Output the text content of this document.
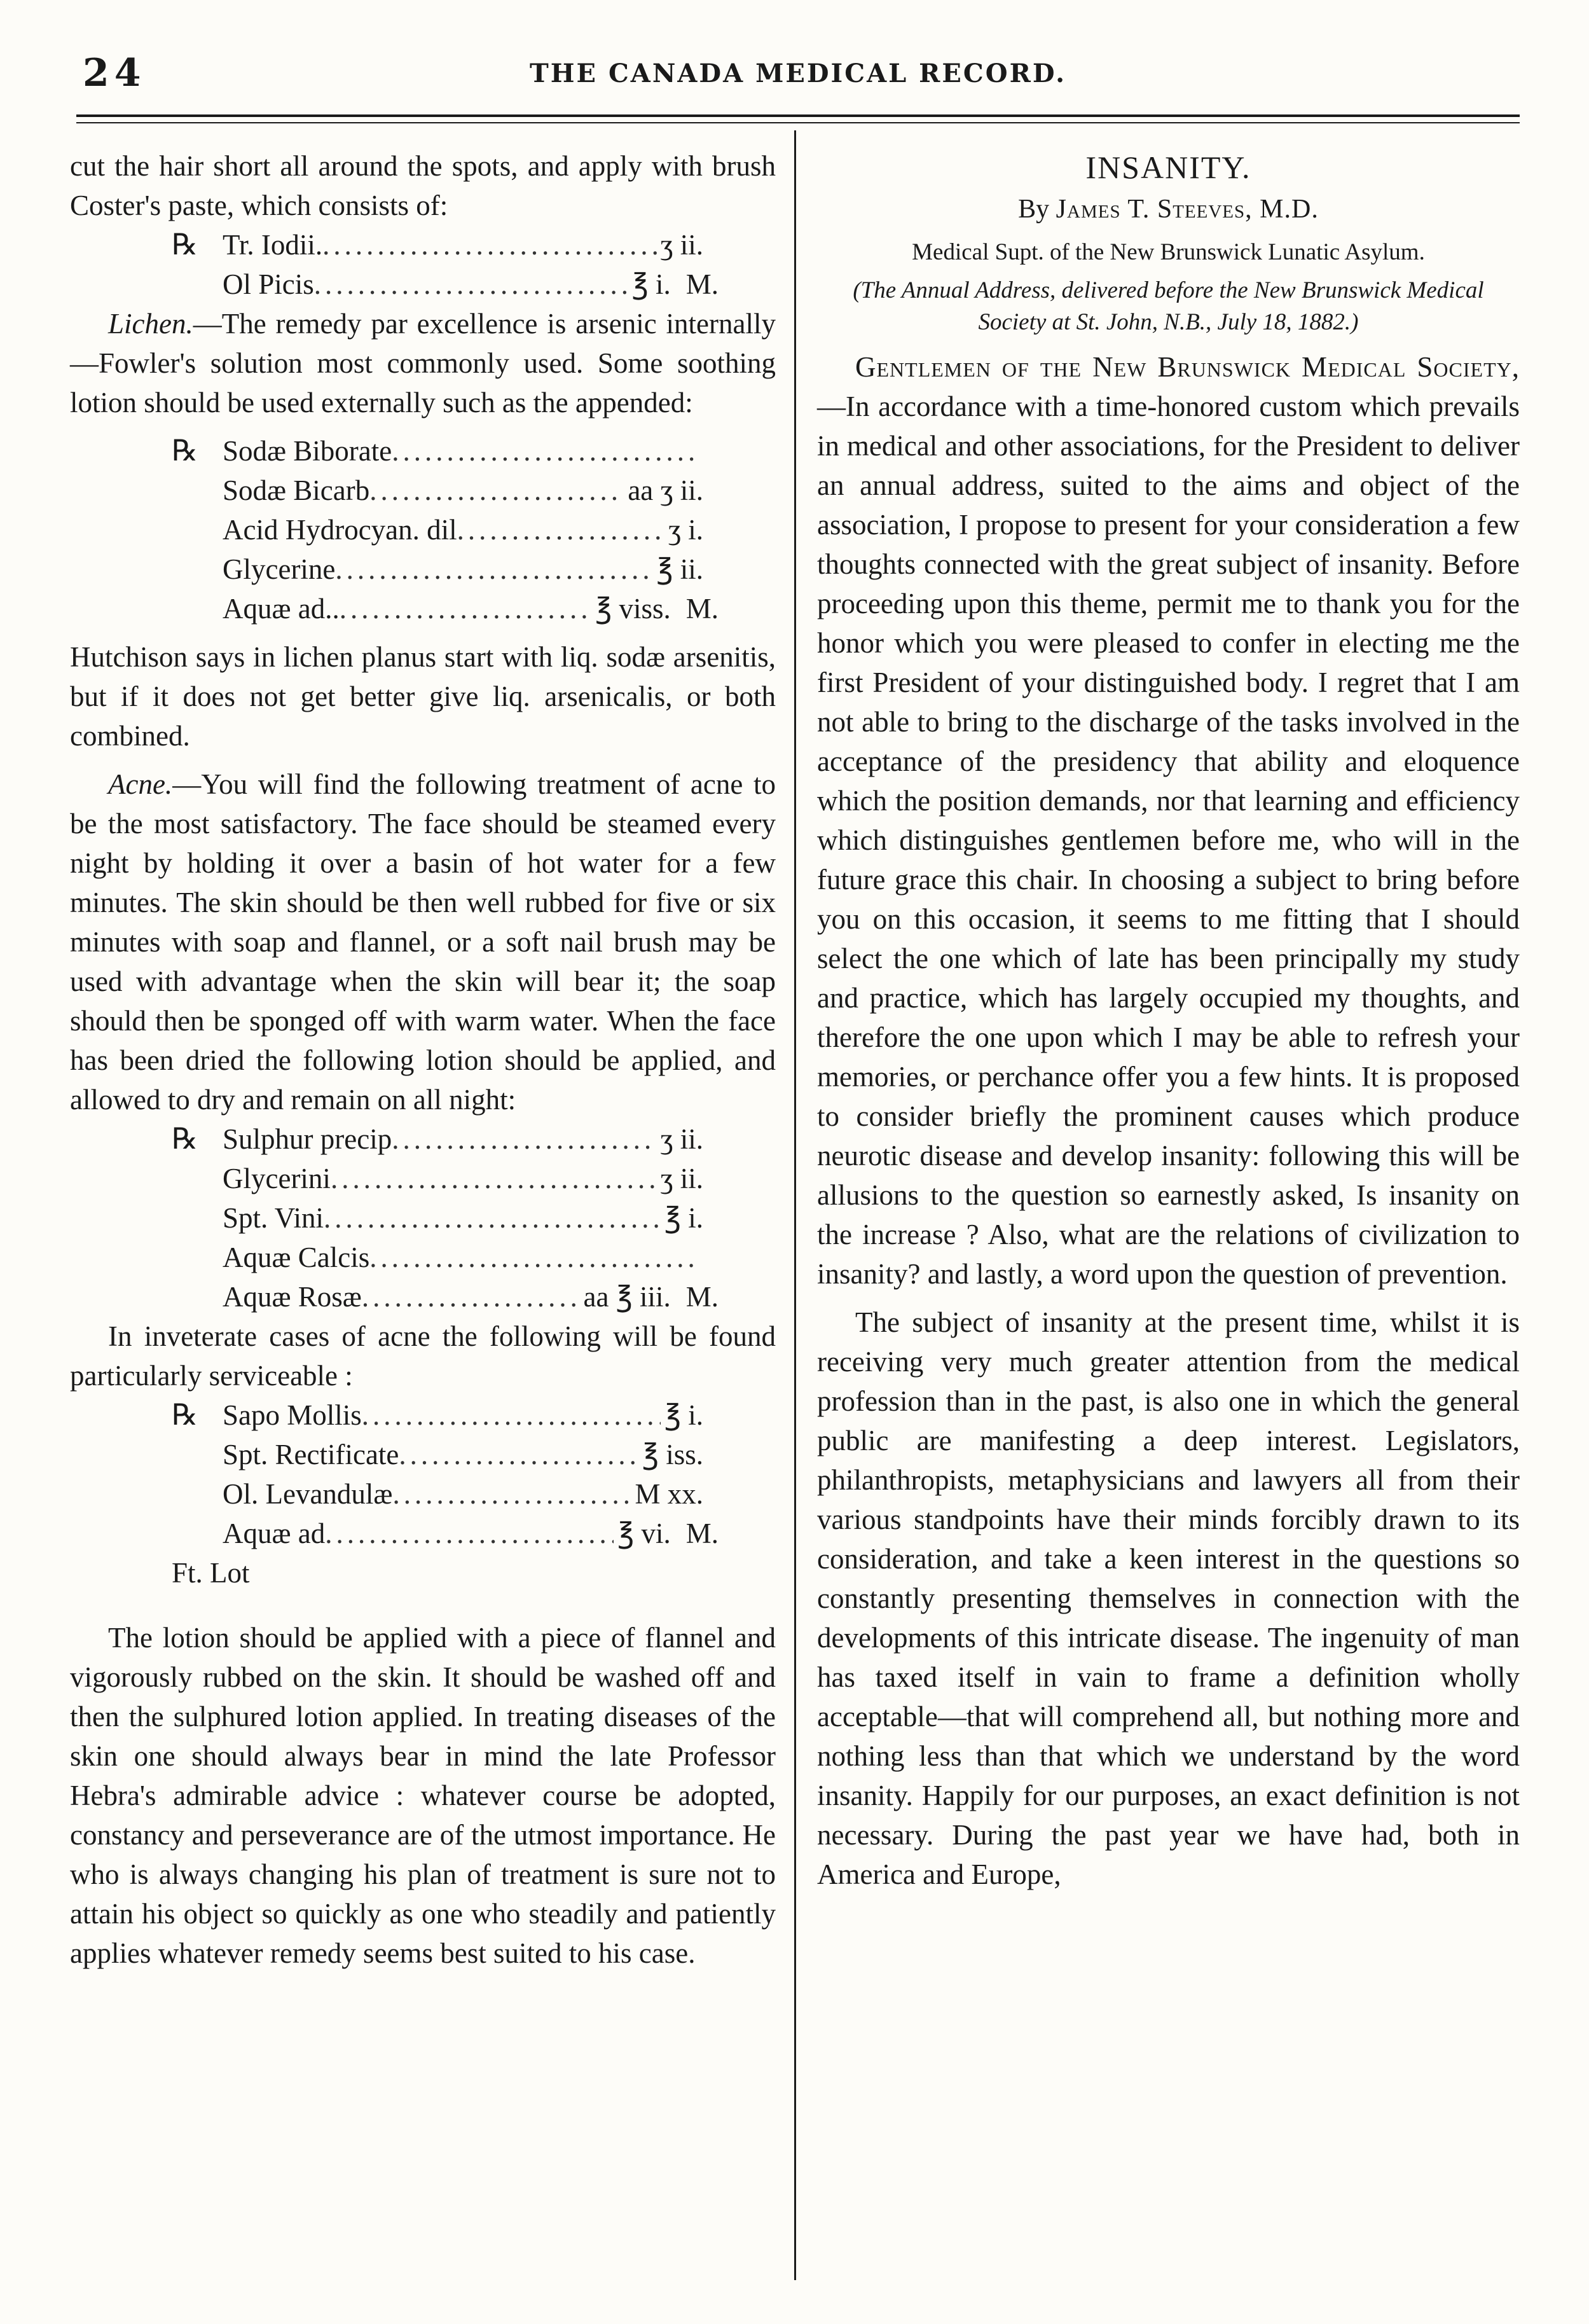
24	THE CANADA MEDICAL RECORD.

cut the hair short all around the spots, and apply with brush Coster's paste, which consists of:

℞ Tr. Iodii. .....	ʒ ii.
Ol Picis .....	℥ i. M.

Lichen.—The remedy par excellence is arsenic internally—Fowler's solution most commonly used. Some soothing lotion should be used externally such as the appended:

℞ Sodæ Biborate
.....
Sodæ Bicarb .....	aa ʒ ii.
Acid Hydrocyan. dil .....	ʒ i.
Glycerine .....	℥ ii.
Aquæ ad.. .....	℥ viss. M.

Hutchison says in lichen planus start with liq. sodæ arsenitis, but if it does not get better give liq. arsenicalis, or both combined.

Acne.—You will find the following treatment of acne to be the most satisfactory. The face should be steamed every night by holding it over a basin of hot water for a few minutes. The skin should be then well rubbed for five or six minutes with soap and flannel, or a soft nail brush may be used with advantage when the skin will bear it; the soap should then be sponged off with warm water. When the face has been dried the following lotion should be applied, and allowed to dry and remain on all night:

℞ Sulphur precip .....	ʒ ii.
Glycerini .....	ʒ ii.
Spt. Vini .....	℥ i.
Aquæ Calcis
.....
Aquæ Rosæ .....	aa ℥ iii. M.

In inveterate cases of acne the following will be found particularly serviceable :

℞ Sapo Mollis .....	℥ i.
Spt. Rectificate .....	℥ iss.
Ol. Levandulæ .....	M xx.
Aquæ ad .....	℥ vi. M.
Ft. Lot

The lotion should be applied with a piece of flannel and vigorously rubbed on the skin. It should be washed off and then the sulphured lotion applied. In treating diseases of the skin one should always bear in mind the late Professor Hebra's admirable advice : whatever course be adopted, constancy and perseverance are of the utmost importance. He who is always changing his plan of treatment is sure not to attain his object so quickly as one who steadily and patiently applies whatever remedy seems best suited to his case.

INSANITY.
By James T. Steeves, M.D.
Medical Supt. of the New Brunswick Lunatic Asylum.
(The Annual Address, delivered before the New Brunswick Medical Society at St. John, N.B., July 18, 1882.)

Gentlemen of the New Brunswick Medical Society,—In accordance with a time-honored custom which prevails in medical and other associations, for the President to deliver an annual address, suited to the aims and object of the association, I propose to present for your consideration a few thoughts connected with the great subject of insanity. Before proceeding upon this theme, permit me to thank you for the honor which you were pleased to confer in electing me the first President of your distinguished body. I regret that I am not able to bring to the discharge of the tasks involved in the acceptance of the presidency that ability and eloquence which the position demands, nor that learning and efficiency which distinguishes gentlemen before me, who will in the future grace this chair. In choosing a subject to bring before you on this occasion, it seems to me fitting that I should select the one which of late has been principally my study and practice, which has largely occupied my thoughts, and therefore the one upon which I may be able to refresh your memories, or perchance offer you a few hints. It is proposed to consider briefly the prominent causes which produce neurotic disease and develop insanity: following this will be allusions to the question so earnestly asked, Is insanity on the increase ? Also, what are the relations of civilization to insanity? and lastly, a word upon the question of prevention.

The subject of insanity at the present time, whilst it is receiving very much greater attention from the medical profession than in the past, is also one in which the general public are manifesting a deep interest. Legislators, philanthropists, metaphysicians and lawyers all from their various standpoints have their minds forcibly drawn to its consideration, and take a keen interest in the questions so constantly presenting themselves in connection with the developments of this intricate disease. The ingenuity of man has taxed itself in vain to frame a definition wholly acceptable—that will comprehend all, but nothing more and nothing less than that which we understand by the word insanity. Happily for our purposes, an exact definition is not necessary. During the past year we have had, both in America and Europe,
